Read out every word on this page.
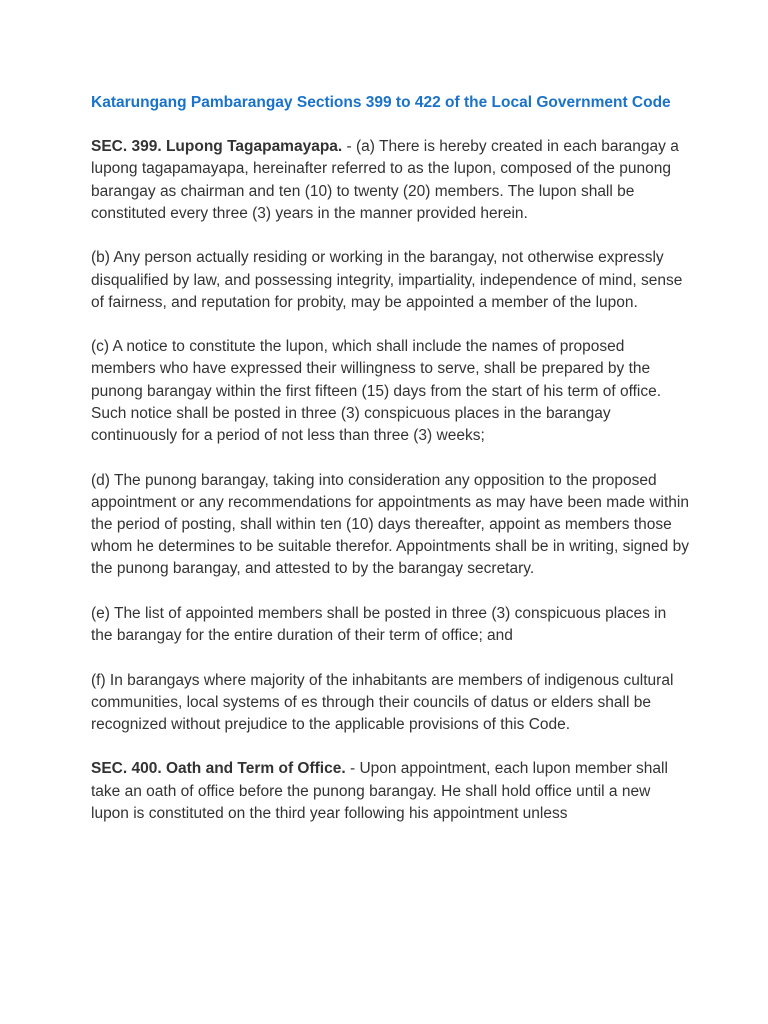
Katarungang Pambarangay Sections 399 to 422 of the Local Government Code

SEC. 399. Lupong Tagapamayapa. - (a) There is hereby created in each barangay a lupong tagapamayapa, hereinafter referred to as the lupon, composed of the punong barangay as chairman and ten (10) to twenty (20) members. The lupon shall be constituted every three (3) years in the manner provided herein.

(b) Any person actually residing or working in the barangay, not otherwise expressly disqualified by law, and possessing integrity, impartiality, independence of mind, sense of fairness, and reputation for probity, may be appointed a member of the lupon.

(c) A notice to constitute the lupon, which shall include the names of proposed members who have expressed their willingness to serve, shall be prepared by the punong barangay within the first fifteen (15) days from the start of his term of office. Such notice shall be posted in three (3) conspicuous places in the barangay continuously for a period of not less than three (3) weeks;

(d) The punong barangay, taking into consideration any opposition to the proposed appointment or any recommendations for appointments as may have been made within the period of posting, shall within ten (10) days thereafter, appoint as members those whom he determines to be suitable therefor. Appointments shall be in writing, signed by the punong barangay, and attested to by the barangay secretary.

(e) The list of appointed members shall be posted in three (3) conspicuous places in the barangay for the entire duration of their term of office; and

(f) In barangays where majority of the inhabitants are members of indigenous cultural communities, local systems of es through their councils of datus or elders shall be recognized without prejudice to the applicable provisions of this Code.

SEC. 400. Oath and Term of Office. - Upon appointment, each lupon member shall take an oath of office before the punong barangay. He shall hold office until a new lupon is constituted on the third year following his appointment unless
